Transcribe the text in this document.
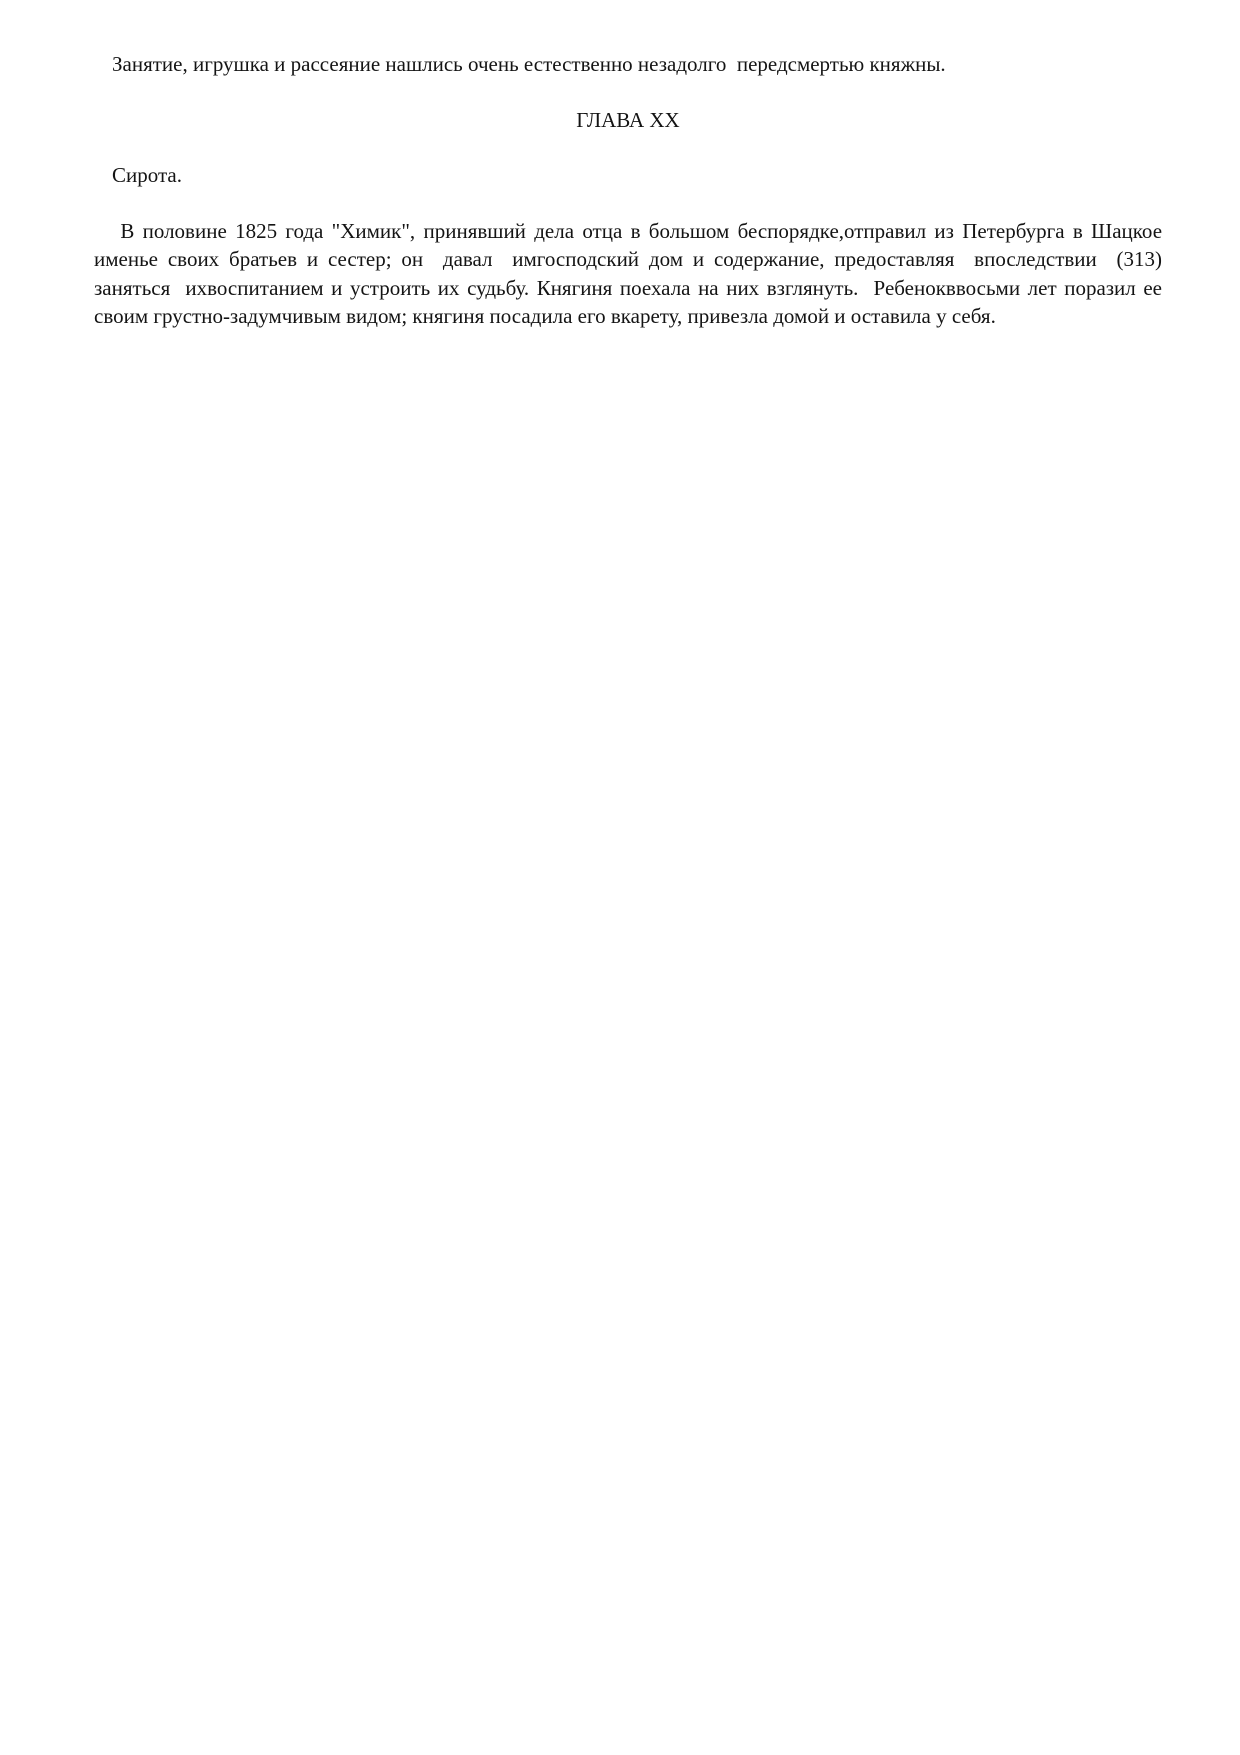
Занятие, игрушка и рассеяние нашлись очень естественно незадолго  передсмертью княжны.

ГЛАВА XX

Сирота.

В половине 1825 года "Химик", принявший дела отца в большом беспорядке,отправил из Петербурга в Шацкое именье своих братьев и сестер; он  давал  имгосподский дом и содержание, предоставляя  впоследствии  (313)  заняться  ихвоспитанием и устроить их судьбу. Княгиня поехала на них взглянуть.  Ребенокввосьми лет поразил ее своим грустно-задумчивым видом; княгиня посадила его вкарету, привезла домой и оставила у себя.
